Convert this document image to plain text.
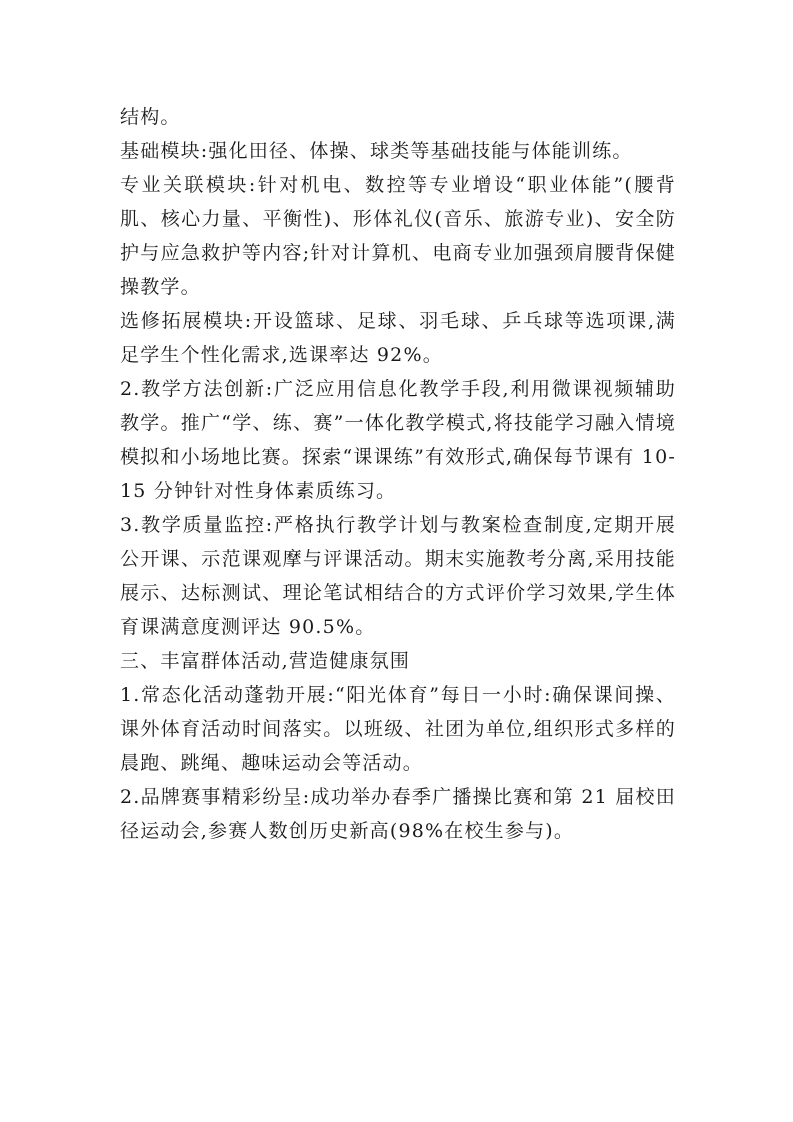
结构。

基础模块:强化田径、体操、球类等基础技能与体能训练。

专业关联模块:针对机电、数控等专业增设“职业体能”(腰背肌、核心力量、平衡性)、形体礼仪(音乐、旅游专业)、安全防护与应急救护等内容;针对计算机、电商专业加强颈肩腰背保健操教学。

选修拓展模块:开设篮球、足球、羽毛球、乒乓球等选项课,满足学生个性化需求,选课率达 92%。

2.教学方法创新:广泛应用信息化教学手段,利用微课视频辅助教学。推广“学、练、赛”一体化教学模式,将技能学习融入情境模拟和小场地比赛。探索“课课练”有效形式,确保每节课有 10-15 分钟针对性身体素质练习。

3.教学质量监控:严格执行教学计划与教案检查制度,定期开展公开课、示范课观摩与评课活动。期末实施教考分离,采用技能展示、达标测试、理论笔试相结合的方式评价学习效果,学生体育课满意度测评达 90.5%。

三、丰富群体活动,营造健康氛围

1.常态化活动蓬勃开展:“阳光体育”每日一小时:确保课间操、课外体育活动时间落实。以班级、社团为单位,组织形式多样的晨跑、跳绳、趣味运动会等活动。

2.品牌赛事精彩纷呈:成功举办春季广播操比赛和第 21 届校田径运动会,参赛人数创历史新高(98%在校生参与)。
